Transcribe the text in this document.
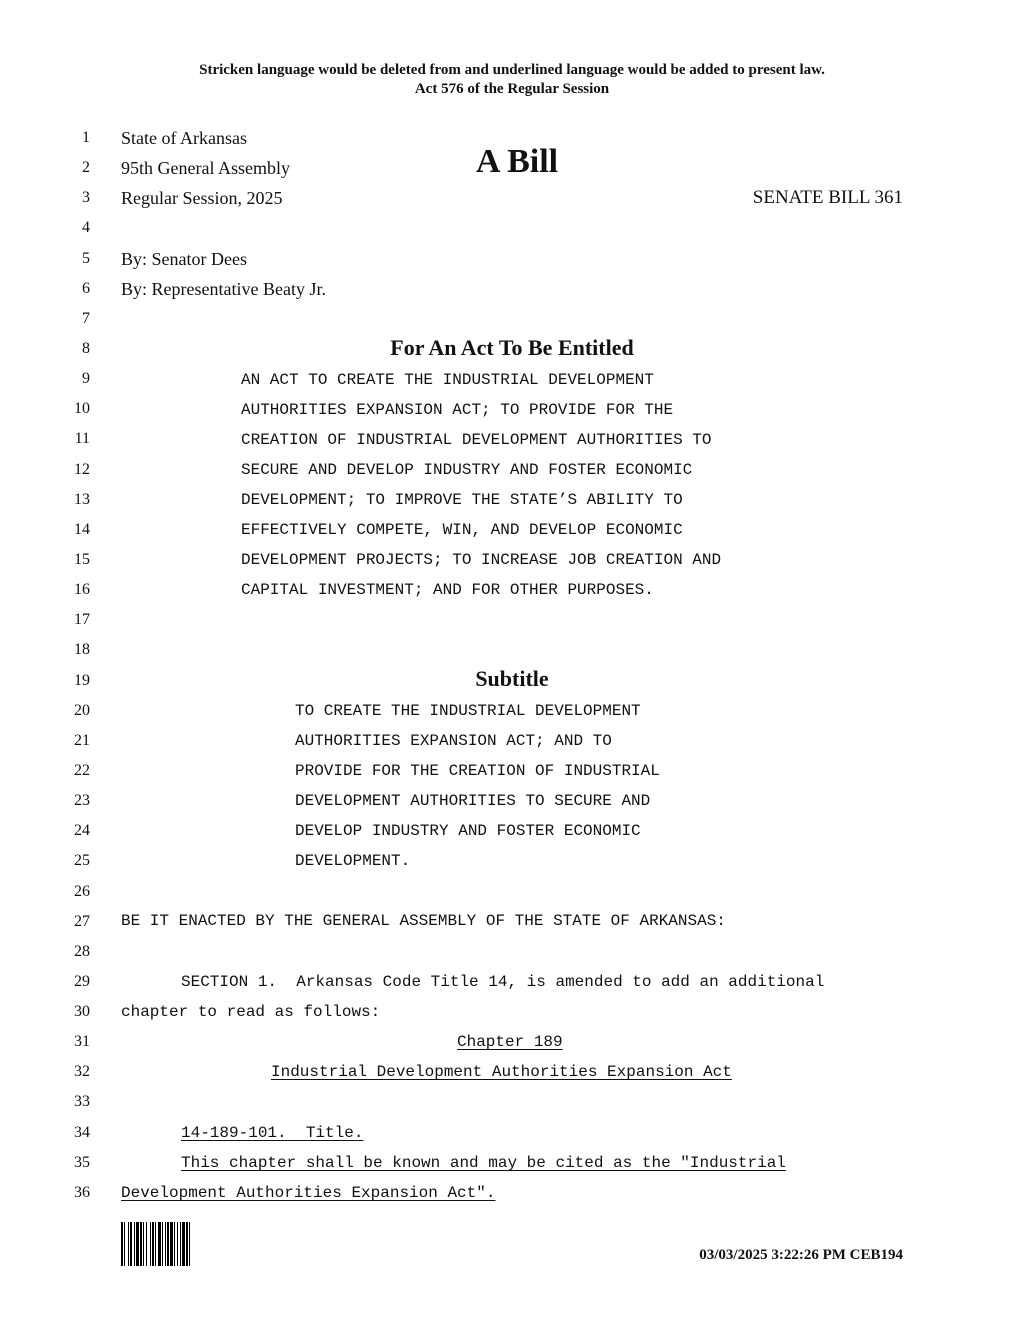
Stricken language would be deleted from and underlined language would be added to present law.
Act 576 of the Regular Session
1
2
3
4
5
6
7
8
9
10
11
12
13
14
15
16
17
18
19
20
21
22
23
24
25
26
27
28
29
30
31
32
33
34
35
36
State of Arkansas
95th General Assembly	A Bill
Regular Session, 2025	SENATE BILL 361
By: Senator Dees
By: Representative Beaty Jr.
For An Act To Be Entitled
AN ACT TO CREATE THE INDUSTRIAL DEVELOPMENT
AUTHORITIES EXPANSION ACT; TO PROVIDE FOR THE
CREATION OF INDUSTRIAL DEVELOPMENT AUTHORITIES TO
SECURE AND DEVELOP INDUSTRY AND FOSTER ECONOMIC
DEVELOPMENT; TO IMPROVE THE STATE’S ABILITY TO
EFFECTIVELY COMPETE, WIN, AND DEVELOP ECONOMIC
DEVELOPMENT PROJECTS; TO INCREASE JOB CREATION AND
CAPITAL INVESTMENT; AND FOR OTHER PURPOSES.
Subtitle
TO CREATE THE INDUSTRIAL DEVELOPMENT
AUTHORITIES EXPANSION ACT; AND TO
PROVIDE FOR THE CREATION OF INDUSTRIAL
DEVELOPMENT AUTHORITIES TO SECURE AND
DEVELOP INDUSTRY AND FOSTER ECONOMIC
DEVELOPMENT.
BE IT ENACTED BY THE GENERAL ASSEMBLY OF THE STATE OF ARKANSAS:
SECTION 1.  Arkansas Code Title 14, is amended to add an additional
chapter to read as follows:
Chapter 189
Industrial Development Authorities Expansion Act
14-189-101.  Title.
This chapter shall be known and may be cited as the "Industrial
Development Authorities Expansion Act".
03/03/2025 3:22:26 PM CEB194
